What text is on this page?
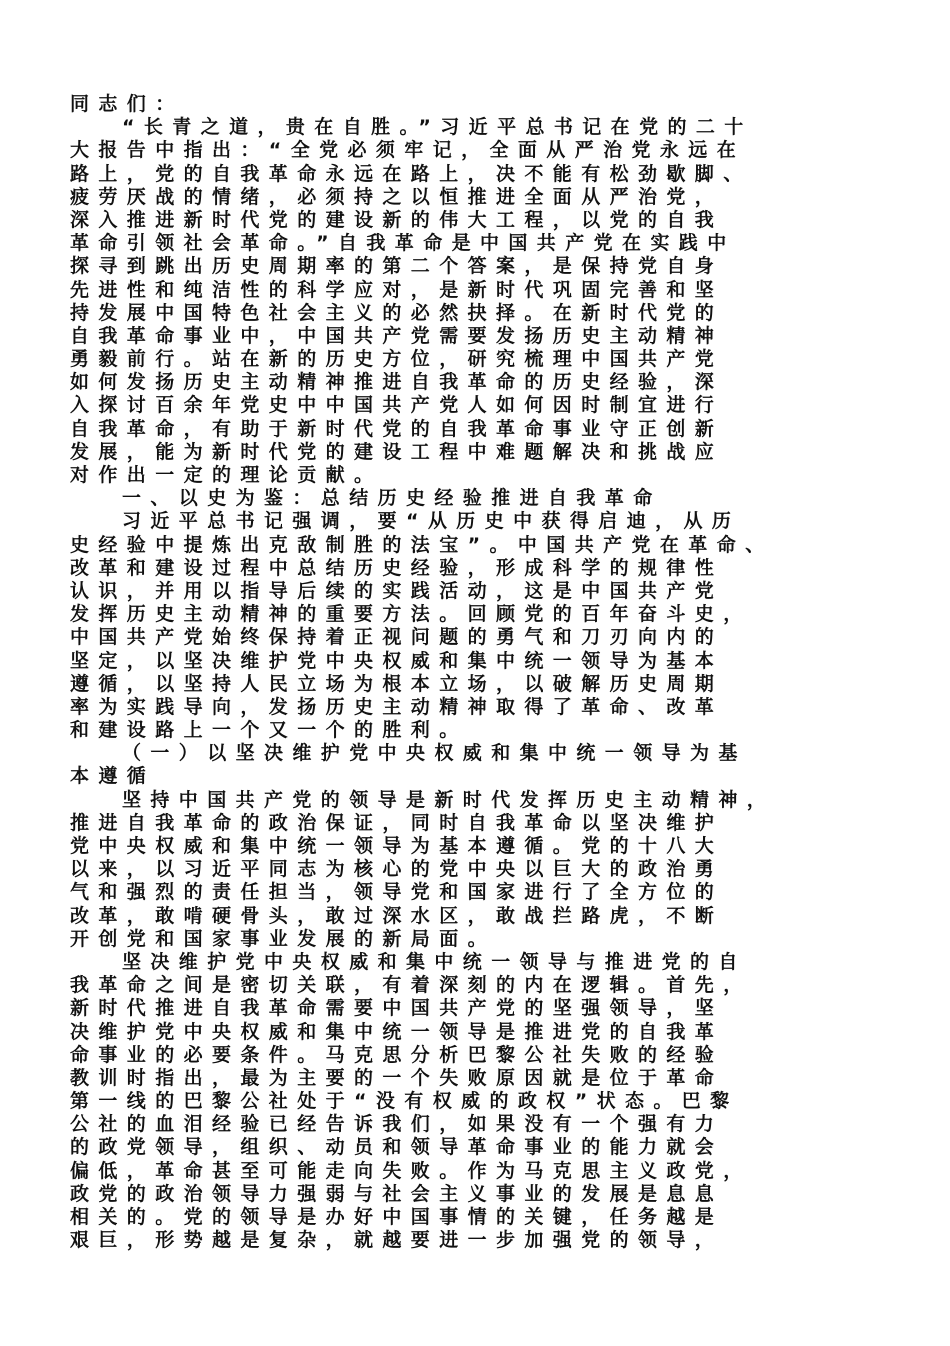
同志们：
“长青之道，贵在自胜。”习近平总书记在党的二十
大报告中指出：“全党必须牢记，全面从严治党永远在
路上，党的自我革命永远在路上，决不能有松劲歇脚、
疲劳厌战的情绪，必须持之以恒推进全面从严治党，
深入推进新时代党的建设新的伟大工程，以党的自我
革命引领社会革命。”自我革命是中国共产党在实践中
探寻到跳出历史周期率的第二个答案，是保持党自身
先进性和纯洁性的科学应对，是新时代巩固完善和坚
持发展中国特色社会主义的必然抉择。在新时代党的
自我革命事业中，中国共产党需要发扬历史主动精神
勇毅前行。站在新的历史方位，研究梳理中国共产党
如何发扬历史主动精神推进自我革命的历史经验，深
入探讨百余年党史中中国共产党人如何因时制宜进行
自我革命，有助于新时代党的自我革命事业守正创新
发展，能为新时代党的建设工程中难题解决和挑战应
对作出一定的理论贡献。
一、以史为鉴：总结历史经验推进自我革命
习近平总书记强调，要“从历史中获得启迪，从历
史经验中提炼出克敌制胜的法宝”。中国共产党在革命、
改革和建设过程中总结历史经验，形成科学的规律性
认识，并用以指导后续的实践活动，这是中国共产党
发挥历史主动精神的重要方法。回顾党的百年奋斗史，
中国共产党始终保持着正视问题的勇气和刀刃向内的
坚定，以坚决维护党中央权威和集中统一领导为基本
遵循，以坚持人民立场为根本立场，以破解历史周期
率为实践导向，发扬历史主动精神取得了革命、改革
和建设路上一个又一个的胜利。
（一）以坚决维护党中央权威和集中统一领导为基
本遵循
坚持中国共产党的领导是新时代发挥历史主动精神，
推进自我革命的政治保证，同时自我革命以坚决维护
党中央权威和集中统一领导为基本遵循。党的十八大
以来，以习近平同志为核心的党中央以巨大的政治勇
气和强烈的责任担当，领导党和国家进行了全方位的
改革，敢啃硬骨头，敢过深水区，敢战拦路虎，不断
开创党和国家事业发展的新局面。
坚决维护党中央权威和集中统一领导与推进党的自
我革命之间是密切关联，有着深刻的内在逻辑。首先，
新时代推进自我革命需要中国共产党的坚强领导，坚
决维护党中央权威和集中统一领导是推进党的自我革
命事业的必要条件。马克思分析巴黎公社失败的经验
教训时指出，最为主要的一个失败原因就是位于革命
第一线的巴黎公社处于“没有权威的政权”状态。巴黎
公社的血泪经验已经告诉我们，如果没有一个强有力
的政党领导，组织、动员和领导革命事业的能力就会
偏低，革命甚至可能走向失败。作为马克思主义政党，
政党的政治领导力强弱与社会主义事业的发展是息息
相关的。党的领导是办好中国事情的关键，任务越是
艰巨，形势越是复杂，就越要进一步加强党的领导，
